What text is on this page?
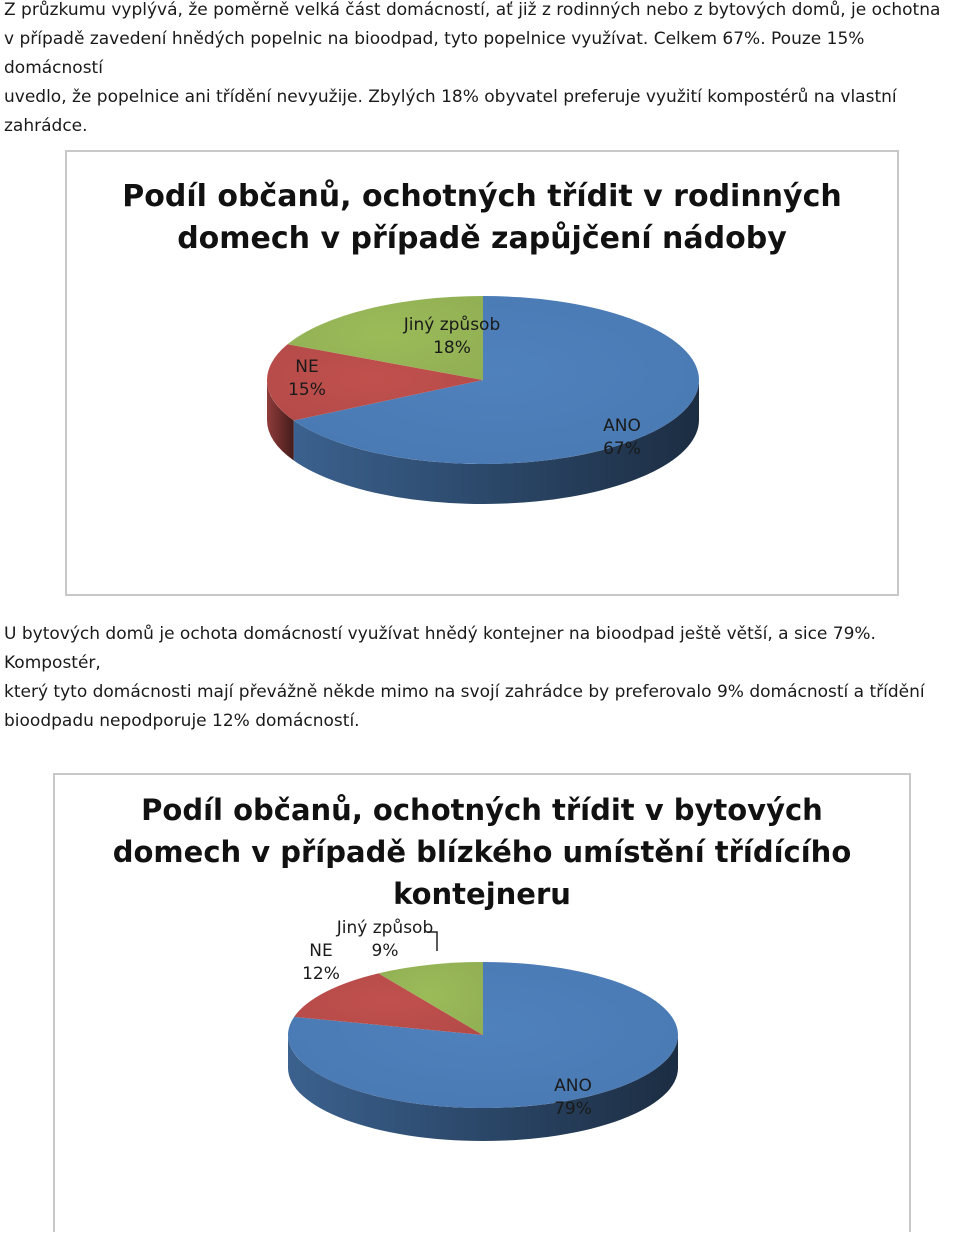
Z průzkumu vyplývá, že poměrně velká část domácností, ať již z rodinných nebo z bytových domů, je ochotna
v případě zavedení hnědých popelnic na bioodpad, tyto popelnice využívat. Celkem 67%. Pouze 15% domácností
uvedlo, že popelnice ani třídění nevyužije. Zbylých 18% obyvatel preferuje využití kompostérů na vlastní zahrádce.
Podíl občanů, ochotných třídit v rodinných
domech v případě zapůjčení nádoby
Jiný způsob
18%
NE
15%
ANO
67%
U bytových domů je ochota domácností využívat hnědý kontejner na bioodpad ještě větší, a sice 79%. Kompostér,
který tyto domácnosti mají převážně někde mimo na svojí zahrádce by preferovalo 9% domácností a třídění
bioodpadu nepodporuje 12% domácností.
Podíl občanů, ochotných třídit v bytových
domech v případě blízkého umístění třídícího
kontejneru
Jiný způsob
9%
NE
12%
ANO
79%
